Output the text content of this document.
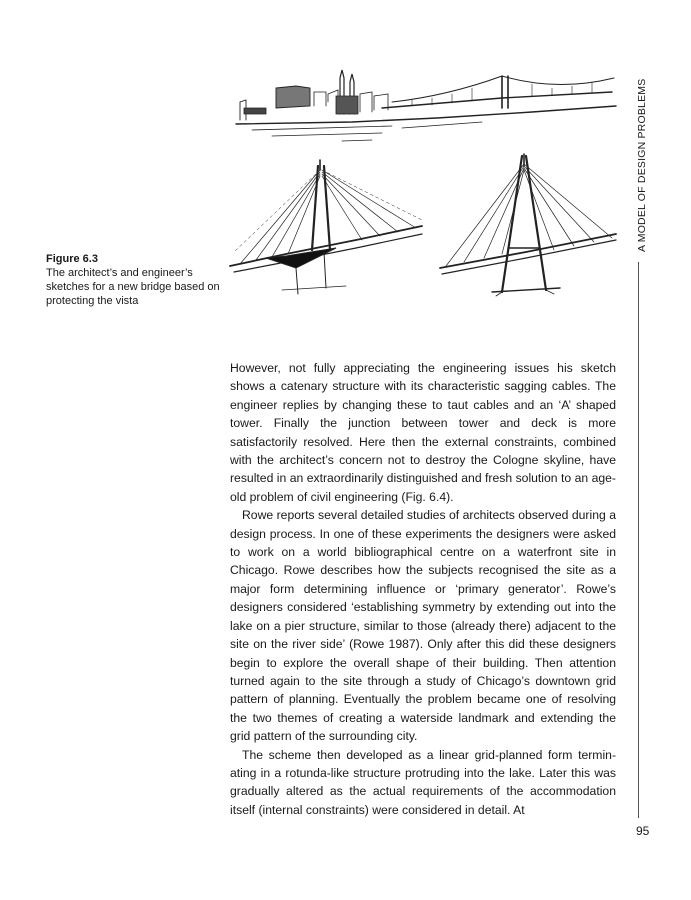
Figure 6.3
The architect’s and engineer’s sketches for a new bridge based on protecting the vista
A MODEL OF DESIGN PROBLEMS
95

However, not fully appreciating the engineering issues his sketch shows a catenary structure with its characteristic sagging cables. The engineer replies by changing these to taut cables and an ‘A’ shaped tower. Finally the junction between tower and deck is more satisfactorily resolved. Here then the external constraints, combined with the architect’s concern not to destroy the Cologne skyline, have resulted in an extraordinarily distinguished and fresh solution to an age-old problem of civil engineering (Fig. 6.4).

Rowe reports several detailed studies of architects observed during a design process. In one of these experiments the designers were asked to work on a world bibliographical centre on a waterfront site in Chicago. Rowe describes how the subjects recognised the site as a major form determining influence or ‘primary generator’. Rowe’s designers considered ‘establishing symmetry by extending out into the lake on a pier structure, similar to those (already there) adjacent to the site on the river side’ (Rowe 1987). Only after this did these designers begin to explore the overall shape of their building. Then attention turned again to the site through a study of Chicago’s downtown grid pattern of planning. Eventually the problem became one of resolving the two themes of creating a waterside landmark and extending the grid pattern of the surrounding city.

The scheme then developed as a linear grid-planned form terminating in a rotunda-like structure protruding into the lake. Later this was gradually altered as the actual requirements of the accommodation itself (internal constraints) were considered in detail. At
